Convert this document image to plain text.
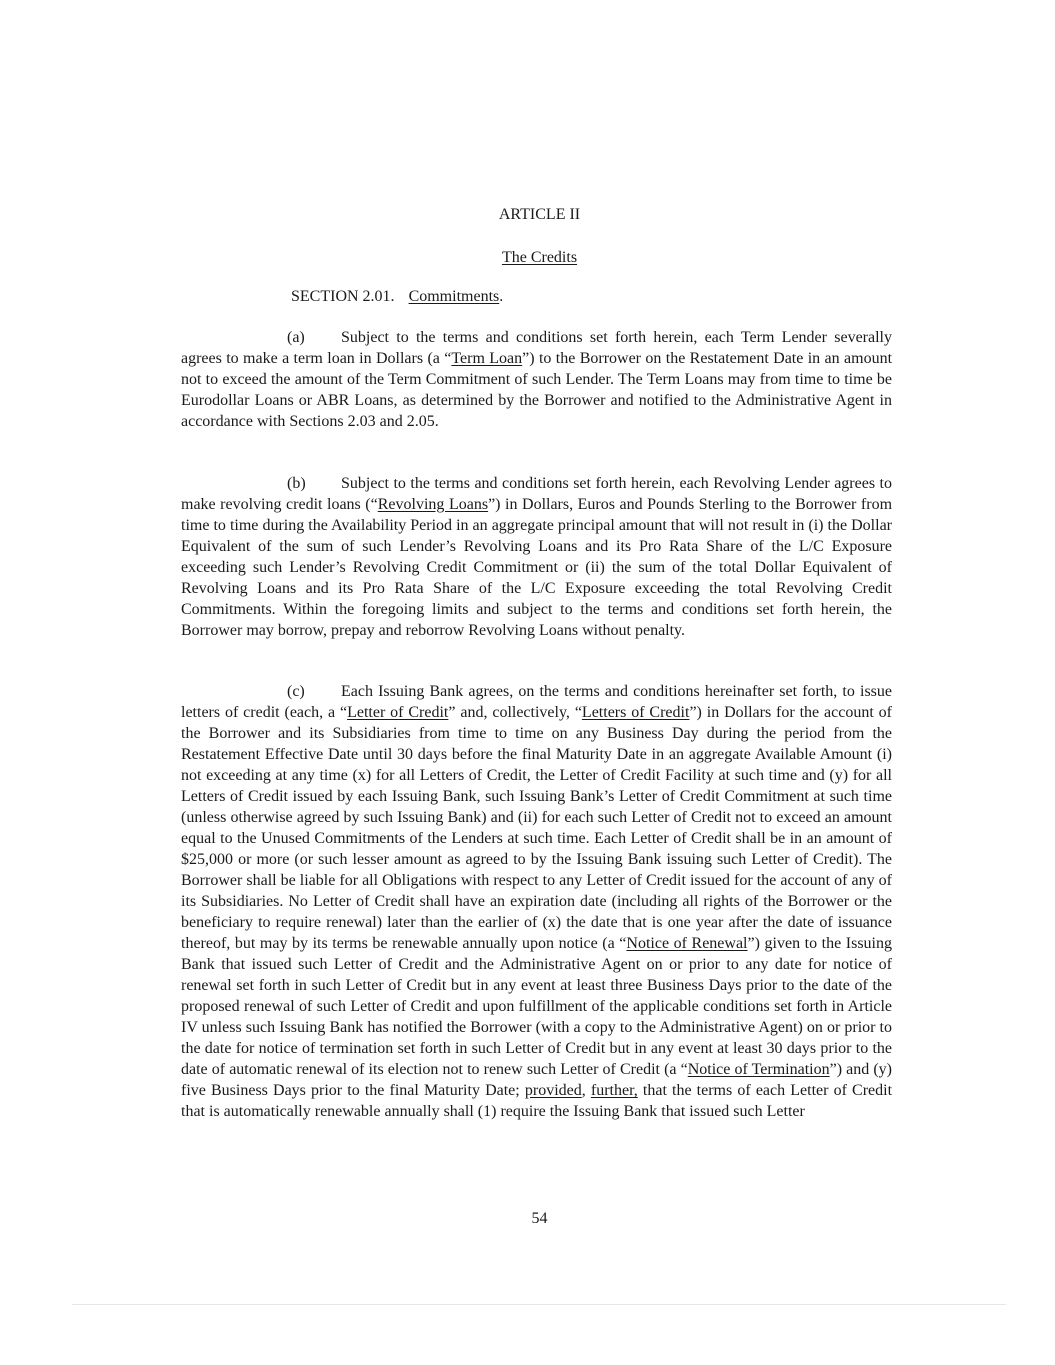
ARTICLE II
The Credits
SECTION 2.01. Commitments.

(a) Subject to the terms and conditions set forth herein, each Term Lender severally agrees to make a term loan in Dollars (a “Term Loan”) to the Borrower on the Restatement Date in an amount not to exceed the amount of the Term Commitment of such Lender. The Term Loans may from time to time be Eurodollar Loans or ABR Loans, as determined by the Borrower and notified to the Administrative Agent in accordance with Sections 2.03 and 2.05.

(b) Subject to the terms and conditions set forth herein, each Revolving Lender agrees to make revolving credit loans (“Revolving Loans”) in Dollars, Euros and Pounds Sterling to the Borrower from time to time during the Availability Period in an aggregate principal amount that will not result in (i) the Dollar Equivalent of the sum of such Lender’s Revolving Loans and its Pro Rata Share of the L/C Exposure exceeding such Lender’s Revolving Credit Commitment or (ii) the sum of the total Dollar Equivalent of Revolving Loans and its Pro Rata Share of the L/C Exposure exceeding the total Revolving Credit Commitments. Within the foregoing limits and subject to the terms and conditions set forth herein, the Borrower may borrow, prepay and reborrow Revolving Loans without penalty.

(c) Each Issuing Bank agrees, on the terms and conditions hereinafter set forth, to issue letters of credit (each, a “Letter of Credit” and, collectively, “Letters of Credit”) in Dollars for the account of the Borrower and its Subsidiaries from time to time on any Business Day during the period from the Restatement Effective Date until 30 days before the final Maturity Date in an aggregate Available Amount (i) not exceeding at any time (x) for all Letters of Credit, the Letter of Credit Facility at such time and (y) for all Letters of Credit issued by each Issuing Bank, such Issuing Bank’s Letter of Credit Commitment at such time (unless otherwise agreed by such Issuing Bank) and (ii) for each such Letter of Credit not to exceed an amount equal to the Unused Commitments of the Lenders at such time. Each Letter of Credit shall be in an amount of $25,000 or more (or such lesser amount as agreed to by the Issuing Bank issuing such Letter of Credit). The Borrower shall be liable for all Obligations with respect to any Letter of Credit issued for the account of any of its Subsidiaries. No Letter of Credit shall have an expiration date (including all rights of the Borrower or the beneficiary to require renewal) later than the earlier of (x) the date that is one year after the date of issuance thereof, but may by its terms be renewable annually upon notice (a “Notice of Renewal”) given to the Issuing Bank that issued such Letter of Credit and the Administrative Agent on or prior to any date for notice of renewal set forth in such Letter of Credit but in any event at least three Business Days prior to the date of the proposed renewal of such Letter of Credit and upon fulfillment of the applicable conditions set forth in Article IV unless such Issuing Bank has notified the Borrower (with a copy to the Administrative Agent) on or prior to the date for notice of termination set forth in such Letter of Credit but in any event at least 30 days prior to the date of automatic renewal of its election not to renew such Letter of Credit (a “Notice of Termination”) and (y) five Business Days prior to the final Maturity Date; provided, further, that the terms of each Letter of Credit that is automatically renewable annually shall (1) require the Issuing Bank that issued such Letter

54
